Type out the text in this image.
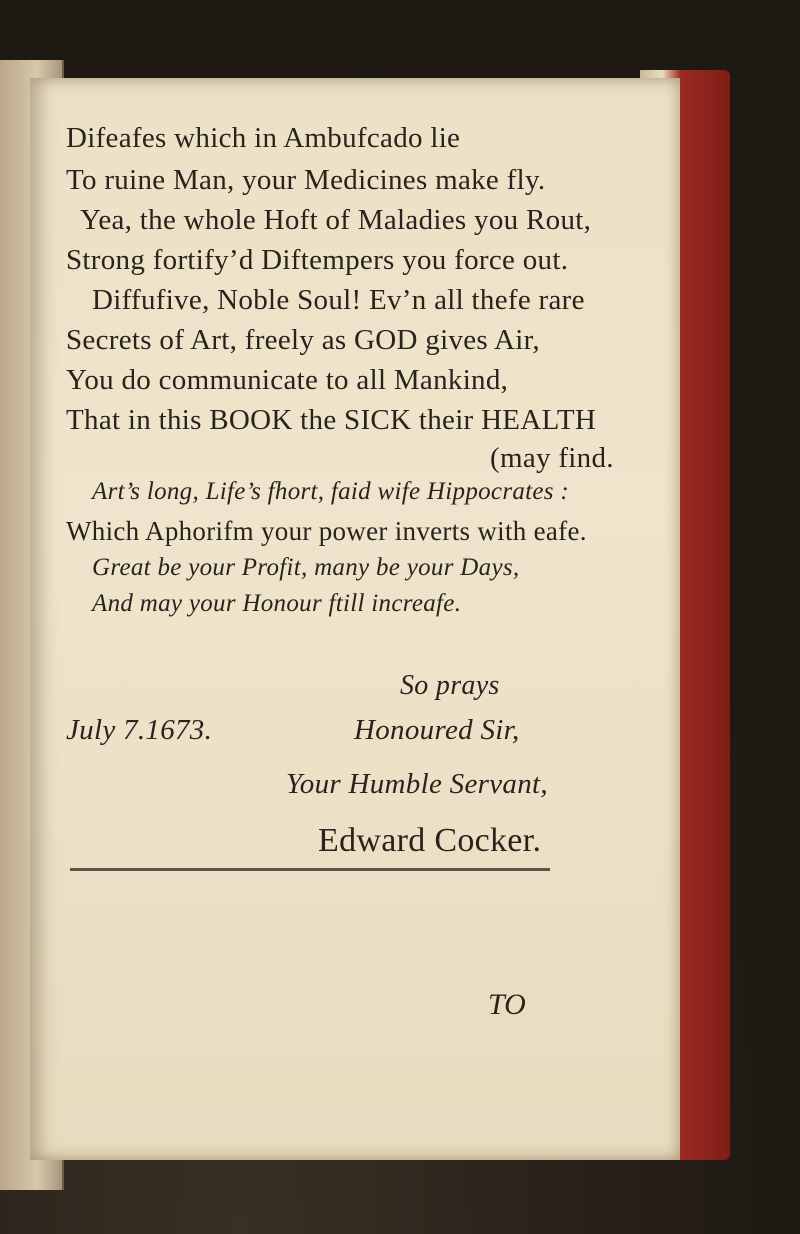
Difeafes which in Ambufcado lie
To ruine Man, your Medicines make fly.
Yea, the whole Hoft of Maladies you Rout,
Strong fortify’d Diftempers you force out.
Diffufive, Noble Soul! Ev’n all thefe rare
Secrets of Art, freely as GOD gives Air,
You do communicate to all Mankind,
That in this BOOK the SICK their HEALTH
(may find.
Art’s long, Life’s fhort, faid wife Hippocrates :
Which Aphorifm your power inverts with eafe.
Great be your Profit, many be your Days,
And may your Honour ftill increafe.
So prays
July 7.1673.	Honoured Sir,
Your Humble Servant,
Edward Cocker.
TO
